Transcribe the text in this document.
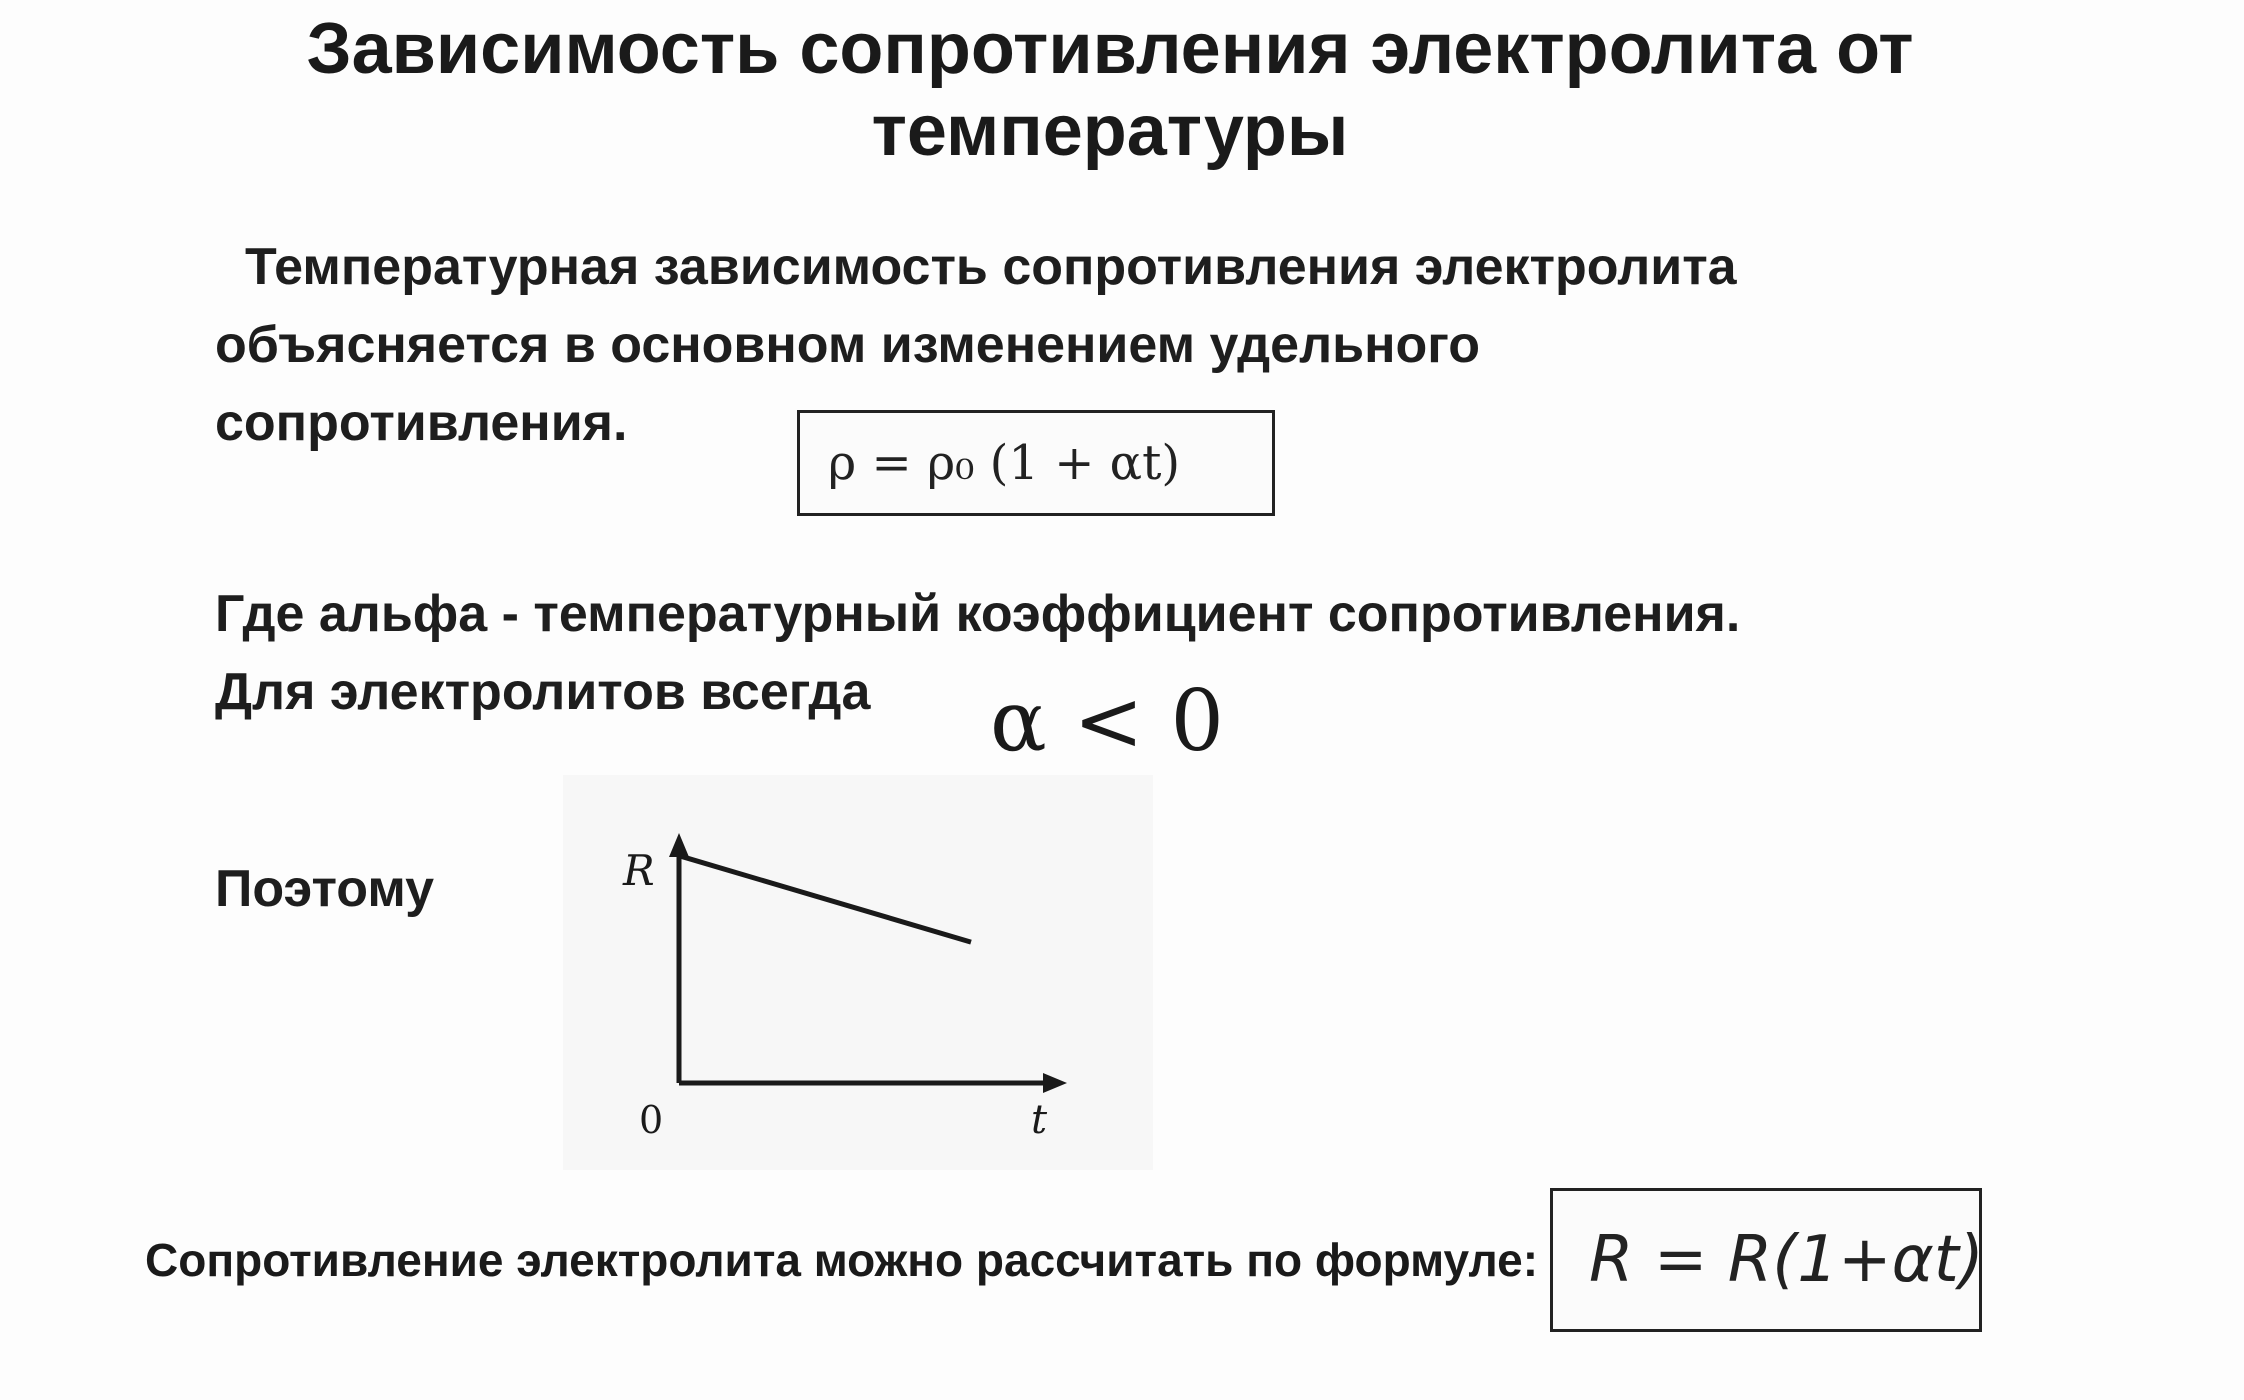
Зависимость сопротивления электролита от
температуры
Температурная зависимость сопротивления электролита
объясняется в основном изменением удельного
сопротивления.
ρ = ρ₀ (1 + αt)
Где альфа - температурный коэффициент сопротивления.
Для электролитов всегда	α < 0
Поэтому	R
0	t
Сопротивление электролита можно рассчитать по формуле: R = R(1+αt)
